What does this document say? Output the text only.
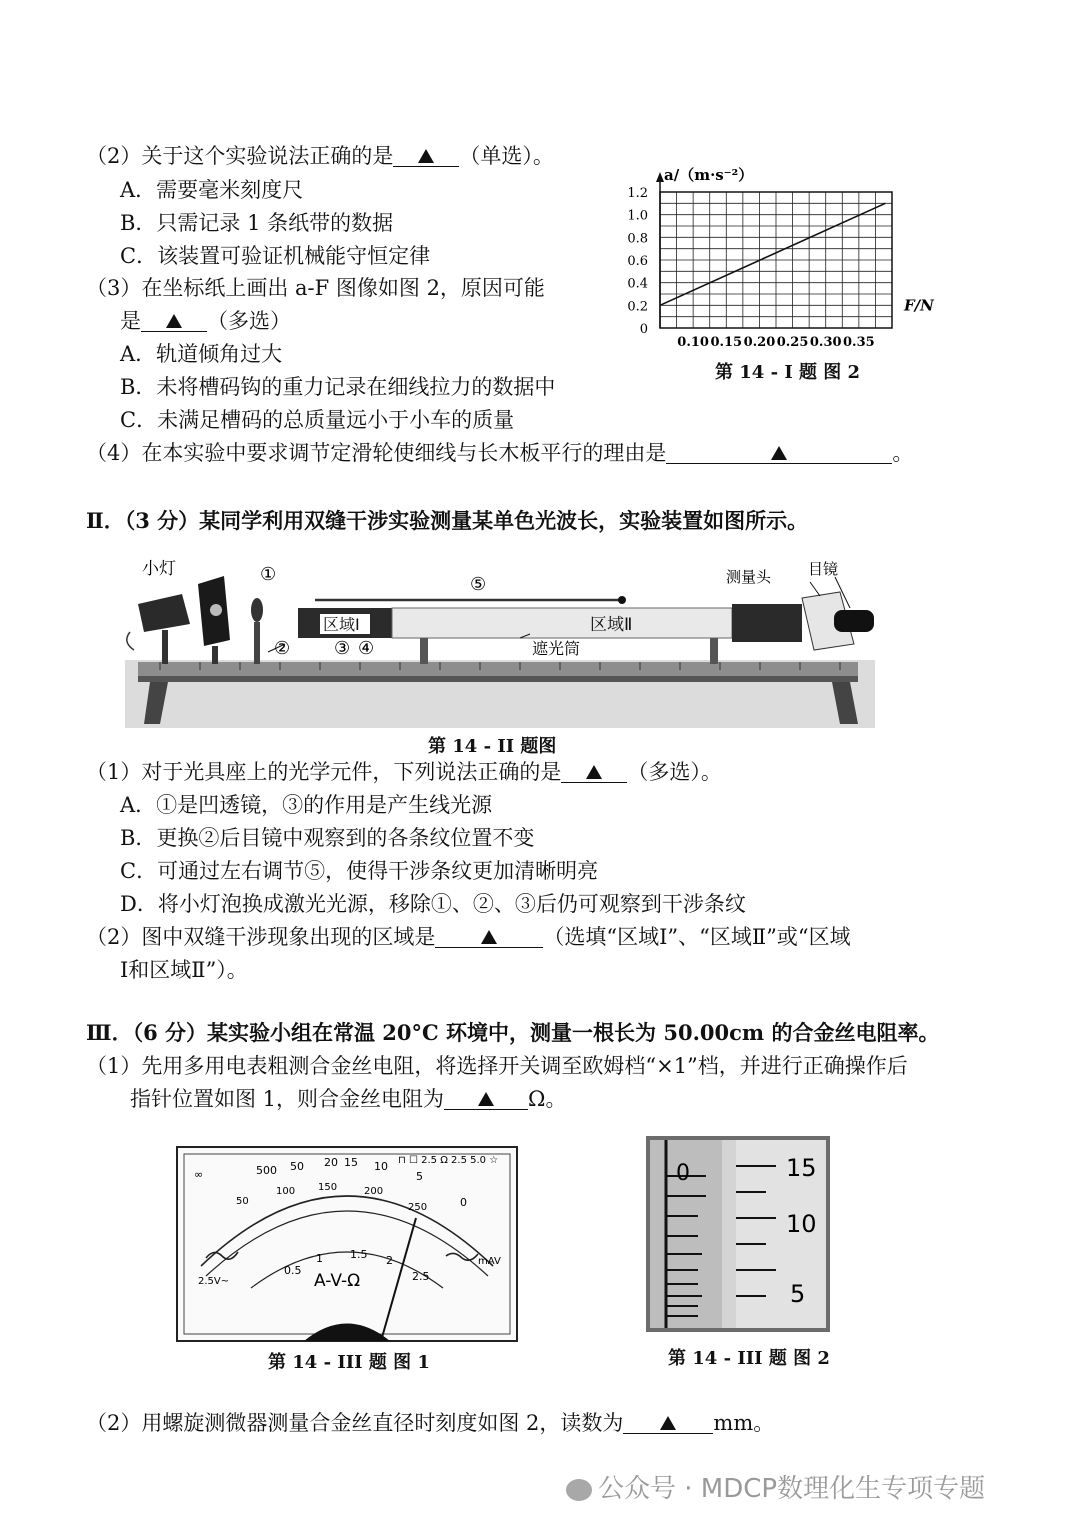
（2）关于这个实验说法正确的是	（单选）。
A．需要毫米刻度尺
B．只需记录 1 条纸带的数据
C．该装置可验证机械能守恒定律
（3）在坐标纸上画出 a-F 图像如图 2，原因可能
是	（多选）
A．轨道倾角过大
B．未将槽码钩的重力记录在细线拉力的数据中
C．未满足槽码的总质量远小于小车的质量
（4）在本实验中要求调节定滑轮使细线与长木板平行的理由是	。
0
0.2
0.4
0.6
0.8
1.0
1.2
0.10 0.15 0.20 0.25 0.30 0.35
a/（m·s⁻²）
F/N
第 14 - I 题 图 2
Ⅱ．（3 分）某同学利用双缝干涉实验测量某单色光波长，实验装置如图所示。
小灯	①
② ③ ④
⑤
区域Ⅰ	区域Ⅱ
测量头 目镜
遮光筒
第 14 - II 题图
（1）对于光具座上的光学元件，下列说法正确的是	（多选）。
A．①是凹透镜，③的作用是产生线光源
B．更换②后目镜中观察到的各条纹位置不变
C．可通过左右调节⑤，使得干涉条纹更加清晰明亮
D．将小灯泡换成激光光源，移除①、②、③后仍可观察到干涉条纹
（2）图中双缝干涉现象出现的区域是	（选填“区域Ⅰ”、“区域Ⅱ”或“区域
Ⅰ和区域Ⅱ”）。
Ⅲ．（6 分）某实验小组在常温 20°C 环境中，测量一根长为 50.00cm 的合金丝电阻率。
（1）先用多用电表粗测合金丝电阻，将选择开关调至欧姆档“×1”档，并进行正确操作后
指针位置如图 1，则合金丝电阻为	Ω。
500 50 20 15 10
5
0
∞
50
100 150	200
250
0.5
1 1.5 2
2.5
2.5V~
mAV
⊓ ☐ 2.5 Ω 2.5 5.0 ☆
A-V-Ω
第 14 - III 题 图 1
0	15
10
5
第 14 - III 题 图 2
（2）用螺旋测微器测量合金丝直径时刻度如图 2，读数为	mm。
公众号 · MDCP数理化生专项专题
